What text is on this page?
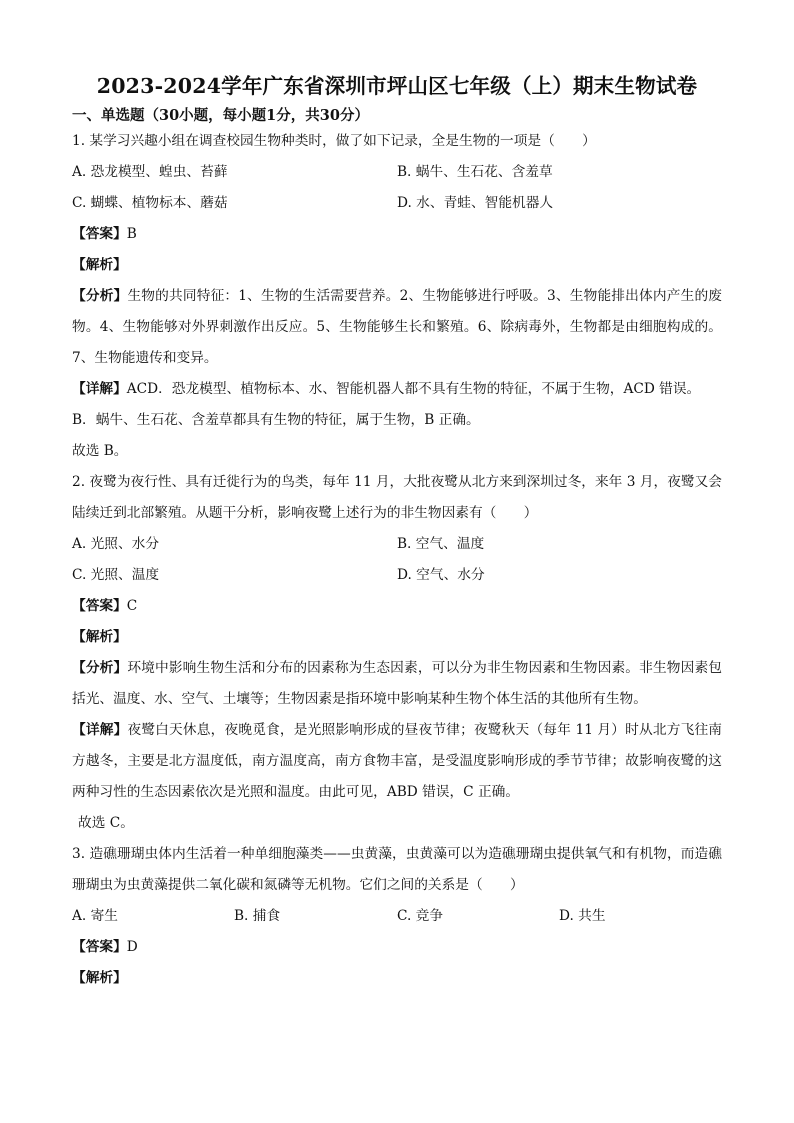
2023-2024学年广东省深圳市坪山区七年级（上）期末生物试卷
一、单选题（30小题，每小题1分，共30分）
1. 某学习兴趣小组在调查校园生物种类时，做了如下记录，全是生物的一项是（　　）
A. 恐龙模型、蝗虫、苔藓	B. 蜗牛、生石花、含羞草
C. 蝴蝶、植物标本、蘑菇	D. 水、青蛙、智能机器人
【答案】B
【解析】
【分析】生物的共同特征：1、生物的生活需要营养。2、生物能够进行呼吸。3、生物能排出体内产生的废物。4、生物能够对外界刺激作出反应。5、生物能够生长和繁殖。6、除病毒外，生物都是由细胞构成的。7、生物能遗传和变异。
【详解】ACD．恐龙模型、植物标本、水、智能机器人都不具有生物的特征，不属于生物，ACD 错误。
B．蜗牛、生石花、含羞草都具有生物的特征，属于生物，B 正确。
故选 B。
2. 夜鹭为夜行性、具有迁徙行为的鸟类，每年 11 月，大批夜鹭从北方来到深圳过冬，来年 3 月，夜鹭又会陆续迁到北部繁殖。从题干分析，影响夜鹭上述行为的非生物因素有（　　）
A. 光照、水分	B. 空气、温度
C. 光照、温度	D. 空气、水分
【答案】C
【解析】
【分析】环境中影响生物生活和分布的因素称为生态因素，可以分为非生物因素和生物因素。非生物因素包括光、温度、水、空气、土壤等；生物因素是指环境中影响某种生物个体生活的其他所有生物。
【详解】夜鹭白天休息，夜晚觅食，是光照影响形成的昼夜节律；夜鹭秋天（每年 11 月）时从北方飞往南方越冬，主要是北方温度低，南方温度高，南方食物丰富，是受温度影响形成的季节节律；故影响夜鹭的这两种习性的生态因素依次是光照和温度。由此可见，ABD 错误，C 正确。
故选 C。
3. 造礁珊瑚虫体内生活着一种单细胞藻类——虫黄藻，虫黄藻可以为造礁珊瑚虫提供氧气和有机物，而造礁珊瑚虫为虫黄藻提供二氧化碳和氮磷等无机物。它们之间的关系是（　　）
A. 寄生	B. 捕食	C. 竞争	D. 共生
【答案】D
【解析】
